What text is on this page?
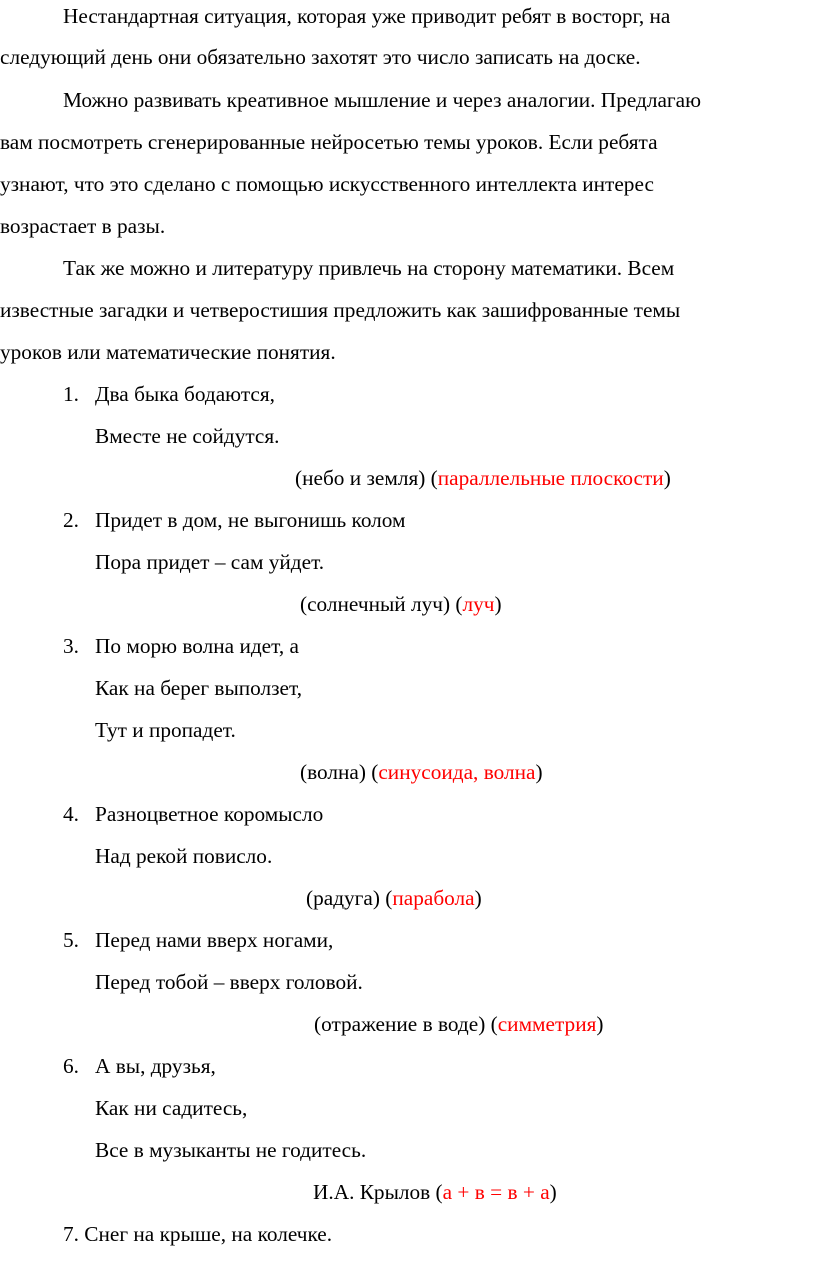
Нестандартная ситуация, которая уже приводит ребят в восторг, на
следующий день они обязательно захотят это число записать на доске.
Можно развивать креативное мышление и через аналогии. Предлагаю
вам посмотреть сгенерированные нейросетью темы уроков. Если ребята
узнают, что это сделано с помощью искусственного интеллекта интерес
возрастает в разы.
Так же можно и литературу привлечь на сторону математики. Всем
известные загадки и четверостишия предложить как зашифрованные темы
уроков или математические понятия.
1. Два быка бодаются,
Вместе не сойдутся.
(небо и земля) (параллельные плоскости)
2. Придет в дом, не выгонишь колом
Пора придет – сам уйдет.
(солнечный луч) (луч)
3. По морю волна идет, а
Как на берег выползет,
Тут и пропадет.
(волна) (синусоида, волна)
4. Разноцветное коромысло
Над рекой повисло.
(радуга) (парабола)
5. Перед нами вверх ногами,
Перед тобой – вверх головой.
(отражение в воде) (симметрия)
6. А вы, друзья,
Как ни садитесь,
Все в музыканты не годитесь.
И.А. Крылов (а + в = в + а)
7. Снег на крыше, на колечке.
